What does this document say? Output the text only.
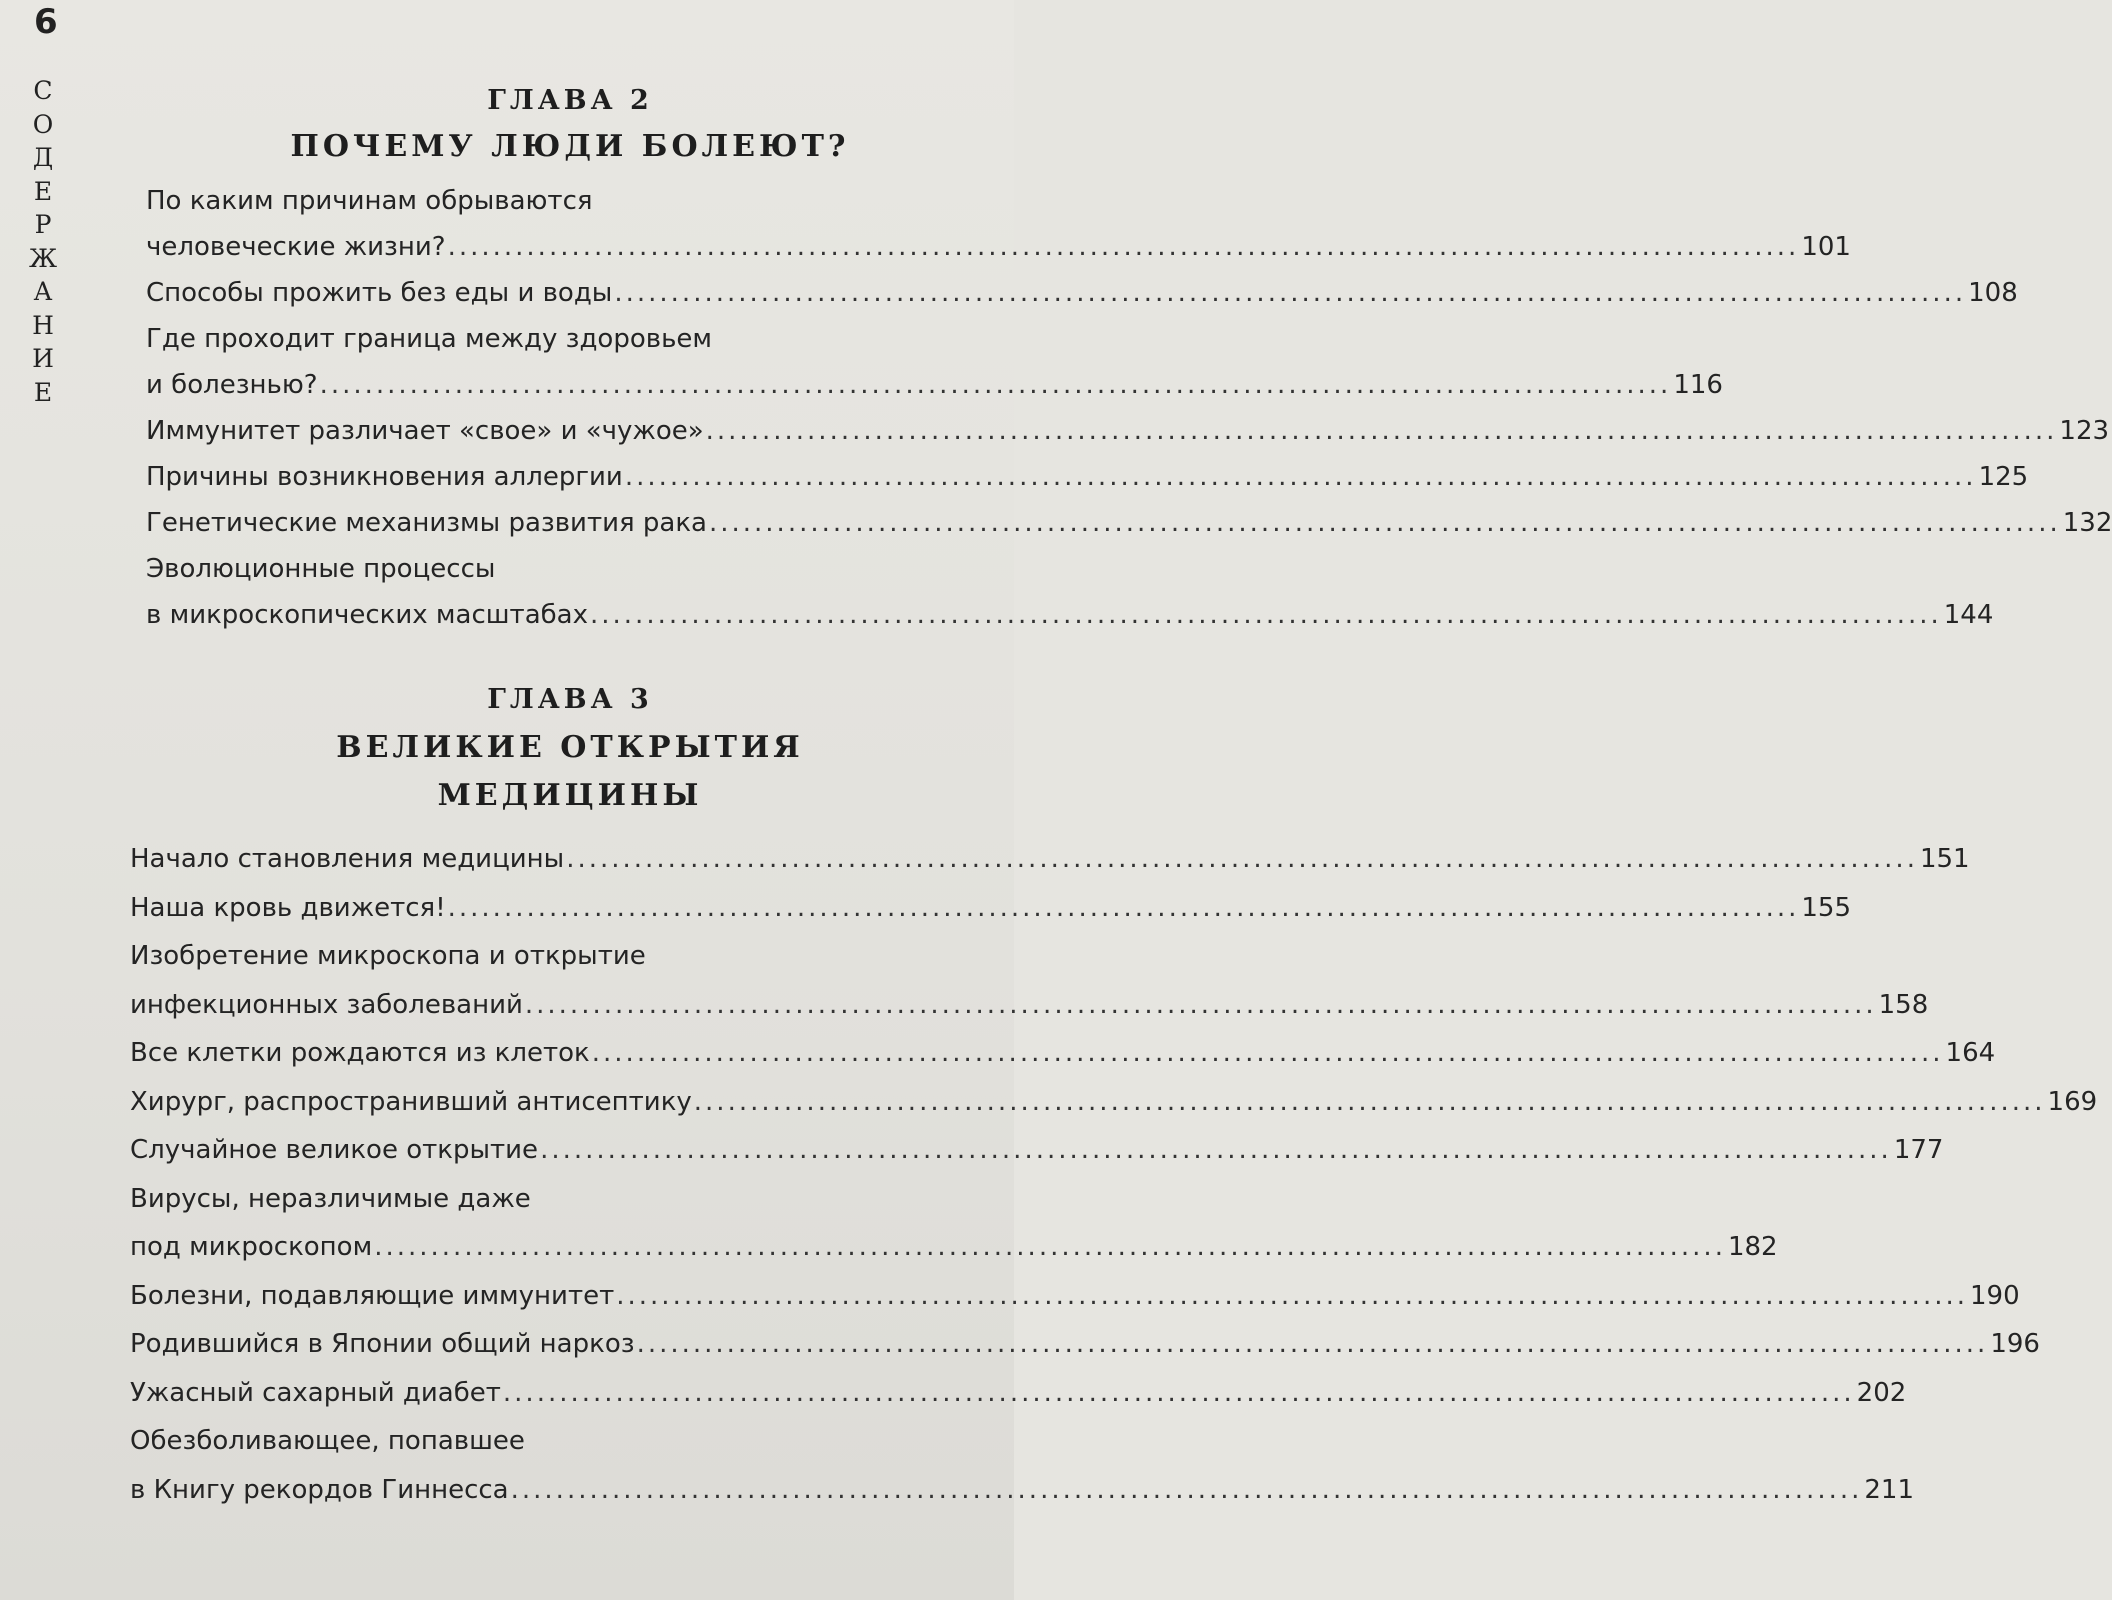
6
С
О
Д
Е
Р
Ж
А
Н
И
Е
ГЛАВА 2
ПОЧЕМУ ЛЮДИ БОЛЕЮТ?
По каким причинам обрываются
человеческие жизни? ........................................................................................................................ 101
Способы прожить без еды и воды ........................................................................................................................ 108
Где проходит граница между здоровьем
и болезнью? ........................................................................................................................ 116
Иммунитет различает «свое» и «чужое» ........................................................................................................................ 123
Причины возникновения аллергии ........................................................................................................................ 125
Генетические механизмы развития рака ........................................................................................................................ 132
Эволюционные процессы
в микроскопических масштабах ........................................................................................................................ 144
ГЛАВА 3
ВЕЛИКИЕ ОТКРЫТИЯ
МЕДИЦИНЫ
Начало становления медицины ........................................................................................................................ 151
Наша кровь движется! ........................................................................................................................ 155
Изобретение микроскопа и открытие
инфекционных заболеваний ........................................................................................................................ 158
Все клетки рождаются из клеток ........................................................................................................................ 164
Хирург, распространивший антисептику ........................................................................................................................ 169
Случайное великое открытие ........................................................................................................................ 177
Вирусы, неразличимые даже
под микроскопом ........................................................................................................................ 182
Болезни, подавляющие иммунитет ........................................................................................................................ 190
Родившийся в Японии общий наркоз ........................................................................................................................ 196
Ужасный сахарный диабет ........................................................................................................................ 202
Обезболивающее, попавшее
в Книгу рекордов Гиннесса ........................................................................................................................ 211
